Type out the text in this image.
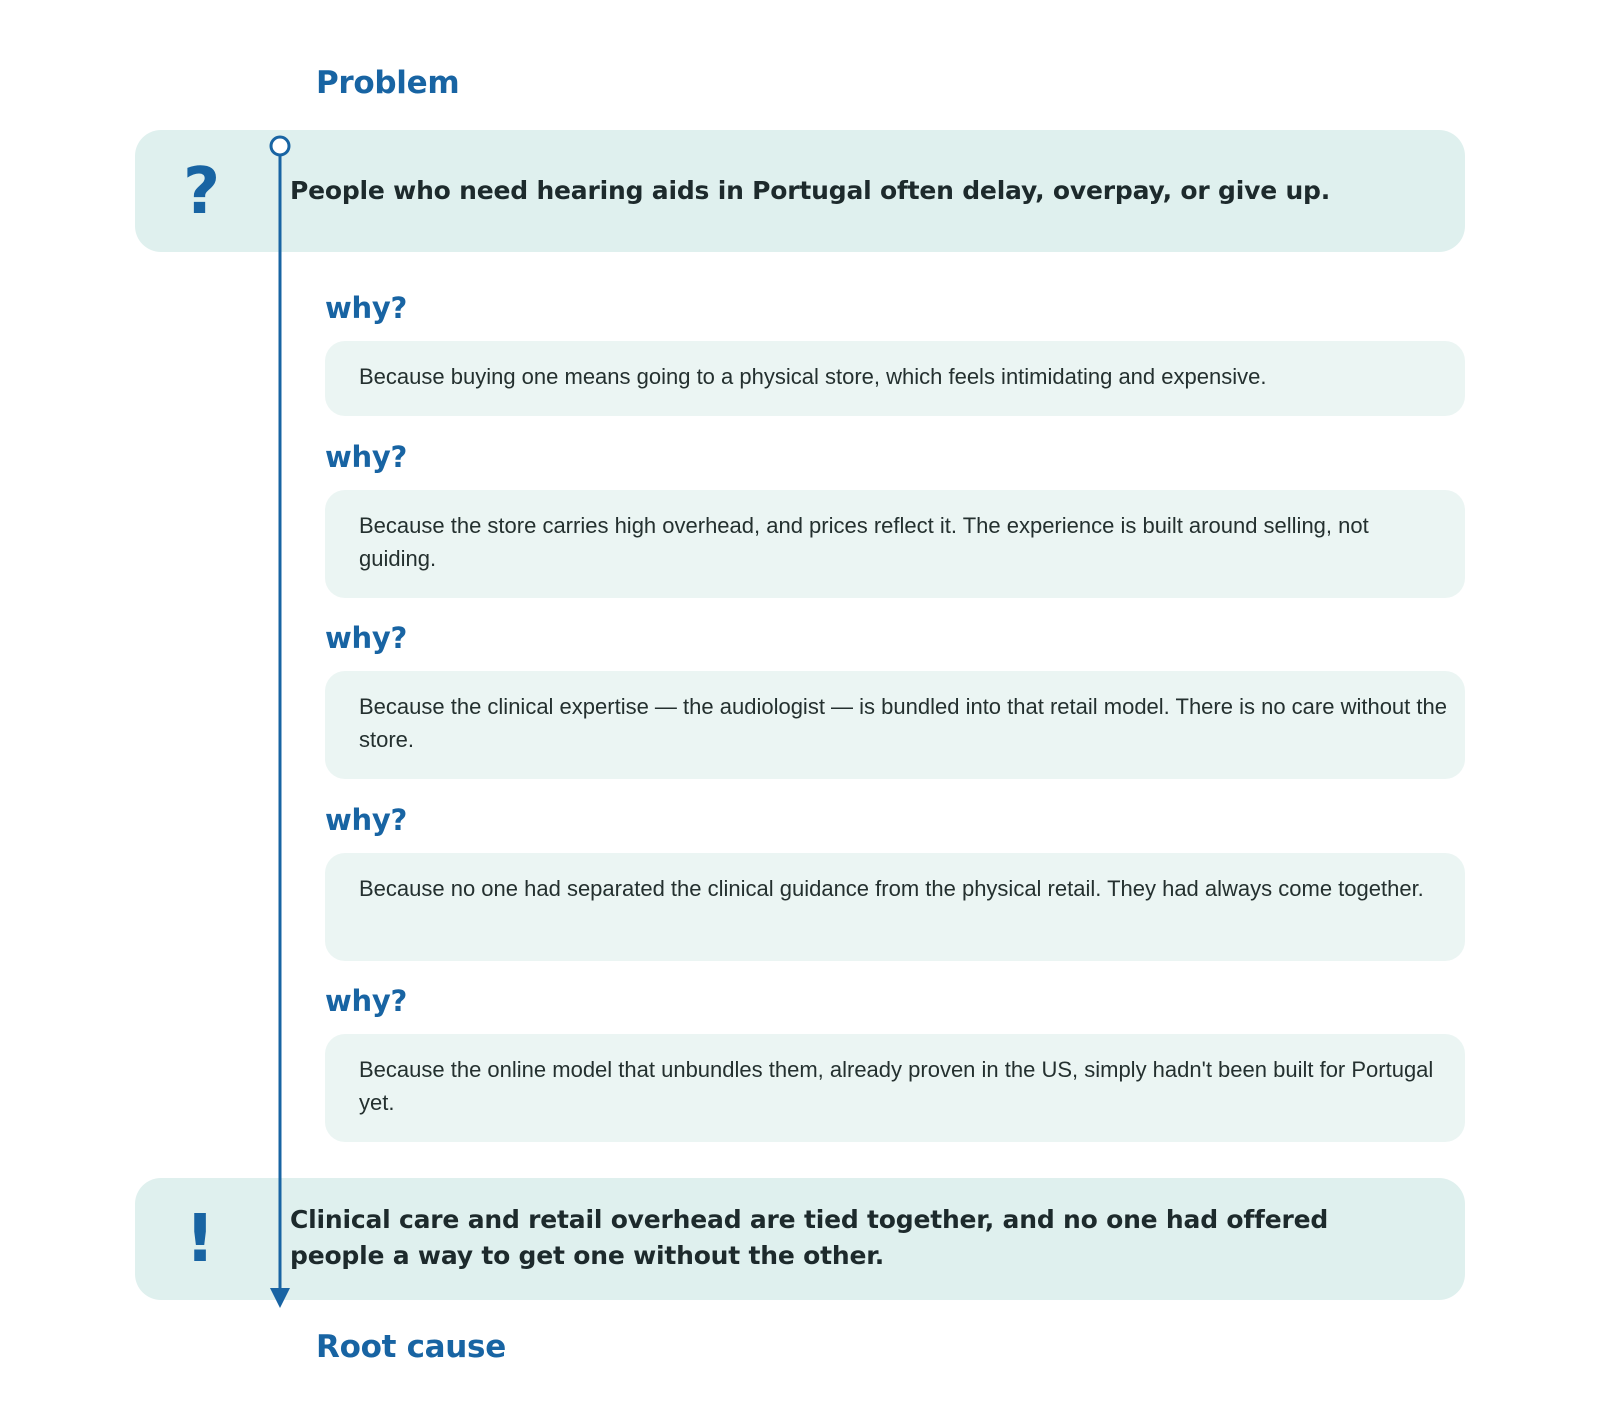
Problem
?	People who need hearing aids in Portugal often delay, overpay, or give up.
why?

Because buying one means going to a physical store, which feels intimidating and expensive.

why?

Because the store carries high overhead, and prices reflect it. The experience is built around selling, not guiding.

why?

Because the clinical expertise — the audiologist — is bundled into that retail model. There is no care without the store.

why?

Because no one had separated the clinical guidance from the physical retail. They had always come together.

why?

Because the online model that unbundles them, already proven in the US, simply hadn't been built for Portugal yet.

!	Clinical care and retail overhead are tied together, and no one had offered
people a way to get one without the other.
Root cause
